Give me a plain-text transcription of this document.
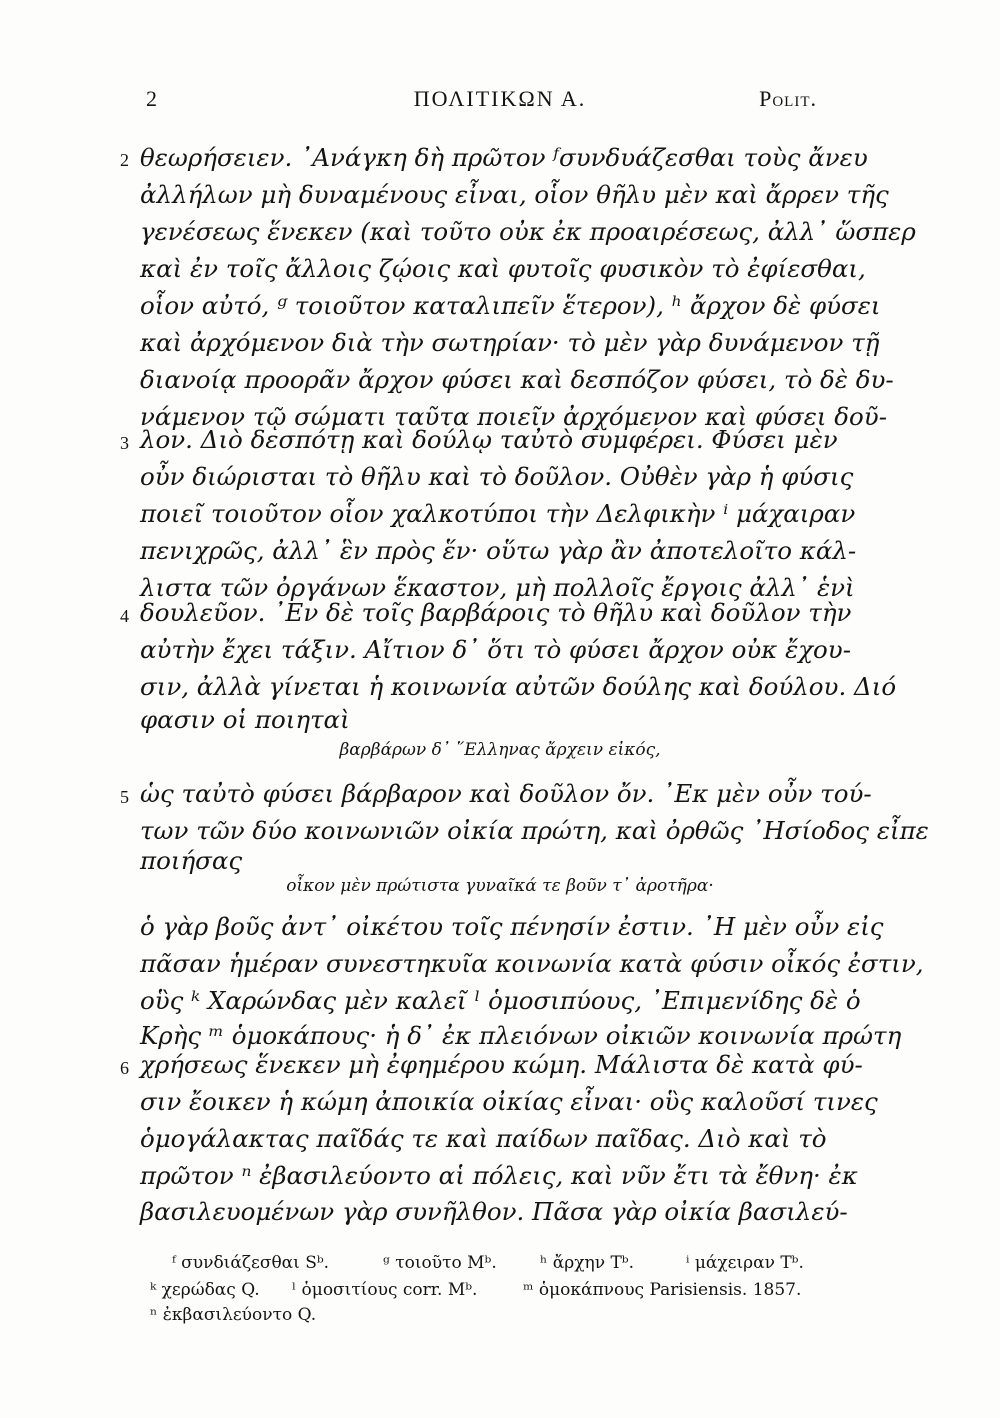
2	ΠΟΛΙΤΙΚΩΝ Α.	Polit.
2 θεωρήσειεν. ᾿Ανάγκη δὴ πρῶτον ᶠσυνδυάζεσθαι τοὺς ἄνευ
ἀλλήλων μὴ δυναμένους εἶναι, οἷον θῆλυ μὲν καὶ ἄρρεν τῆς
γενέσεως ἕνεκεν (καὶ τοῦτο οὐκ ἐκ προαιρέσεως, ἀλλ᾿ ὥσπερ
καὶ ἐν τοῖς ἄλλοις ζῴοις καὶ φυτοῖς φυσικὸν τὸ ἐφίεσθαι,
οἷον αὐτό, ᵍ τοιοῦτον καταλιπεῖν ἕτερον), ʰ ἄρχον δὲ φύσει
καὶ ἀρχόμενον διὰ τὴν σωτηρίαν· τὸ μὲν γὰρ δυνάμενον τῇ
διανοίᾳ προορᾶν ἄρχον φύσει καὶ δεσπόζον φύσει, τὸ δὲ δυ-
νάμενον τῷ σώματι ταῦτα ποιεῖν ἀρχόμενον καὶ φύσει δοῦ-
3 λον. Διὸ δεσπότῃ καὶ δούλῳ ταὐτὸ συμφέρει. Φύσει μὲν
οὖν διώρισται τὸ θῆλυ καὶ τὸ δοῦλον. Οὐθὲν γὰρ ἡ φύσις
ποιεῖ τοιοῦτον οἷον χαλκοτύποι τὴν Δελφικὴν ⁱ μάχαιραν
πενιχρῶς, ἀλλ᾿ ἓν πρὸς ἕν· οὕτω γὰρ ἂν ἀποτελοῖτο κάλ-
λιστα τῶν ὀργάνων ἕκαστον, μὴ πολλοῖς ἔργοις ἀλλ᾿ ἑνὶ
4 δουλεῦον. ᾿Εν δὲ τοῖς βαρβάροις τὸ θῆλυ καὶ δοῦλον τὴν
αὐτὴν ἔχει τάξιν. Αἴτιον δ᾿ ὅτι τὸ φύσει ἄρχον οὐκ ἔχου-
σιν, ἀλλὰ γίνεται ἡ κοινωνία αὐτῶν δούλης καὶ δούλου. Διό
φασιν οἱ ποιηταὶ
βαρβάρων δ᾿ ῞Ελληνας ἄρχειν εἰκός,
5 ὡς ταὐτὸ φύσει βάρβαρον καὶ δοῦλον ὄν. ᾿Εκ μὲν οὖν τού-
των τῶν δύο κοινωνιῶν οἰκία πρώτη, καὶ ὀρθῶς ᾿Ησίοδος εἶπε
ποιήσας
οἶκον μὲν πρώτιστα γυναῖκά τε βοῦν τ᾿ ἀροτῆρα·
ὁ γὰρ βοῦς ἀντ᾿ οἰκέτου τοῖς πένησίν ἐστιν. ᾿Η μὲν οὖν εἰς
πᾶσαν ἡμέραν συνεστηκυῖα κοινωνία κατὰ φύσιν οἶκός ἐστιν,
οὓς ᵏ Χαρώνδας μὲν καλεῖ ˡ ὁμοσιπύους, ᾿Επιμενίδης δὲ ὁ
Κρὴς ᵐ ὁμοκάπους· ἡ δ᾿ ἐκ πλειόνων οἰκιῶν κοινωνία πρώτη
6 χρήσεως ἕνεκεν μὴ ἐφημέρου κώμη. Μάλιστα δὲ κατὰ φύ-
σιν ἔοικεν ἡ κώμη ἀποικία οἰκίας εἶναι· οὓς καλοῦσί τινες
ὁμογάλακτας παῖδάς τε καὶ παίδων παῖδας. Διὸ καὶ τὸ
πρῶτον ⁿ ἐβασιλεύοντο αἱ πόλεις, καὶ νῦν ἔτι τὰ ἔθνη· ἐκ
βασιλευομένων γὰρ συνῆλθον. Πᾶσα γὰρ οἰκία βασιλεύ-
ᶠ συνδιάζεσθαι Sᵇ.	ᵍ τοιοῦτο Mᵇ.	ʰ ἄρχην Tᵇ.	ⁱ μάχειραν Tᵇ.
ᵏ χερώδας Q. ˡ ὁμοσιτίους corr. Mᵇ.	ᵐ ὁμοκάπνους Parisiensis. 1857.
ⁿ ἐκβασιλεύοντο Q.
